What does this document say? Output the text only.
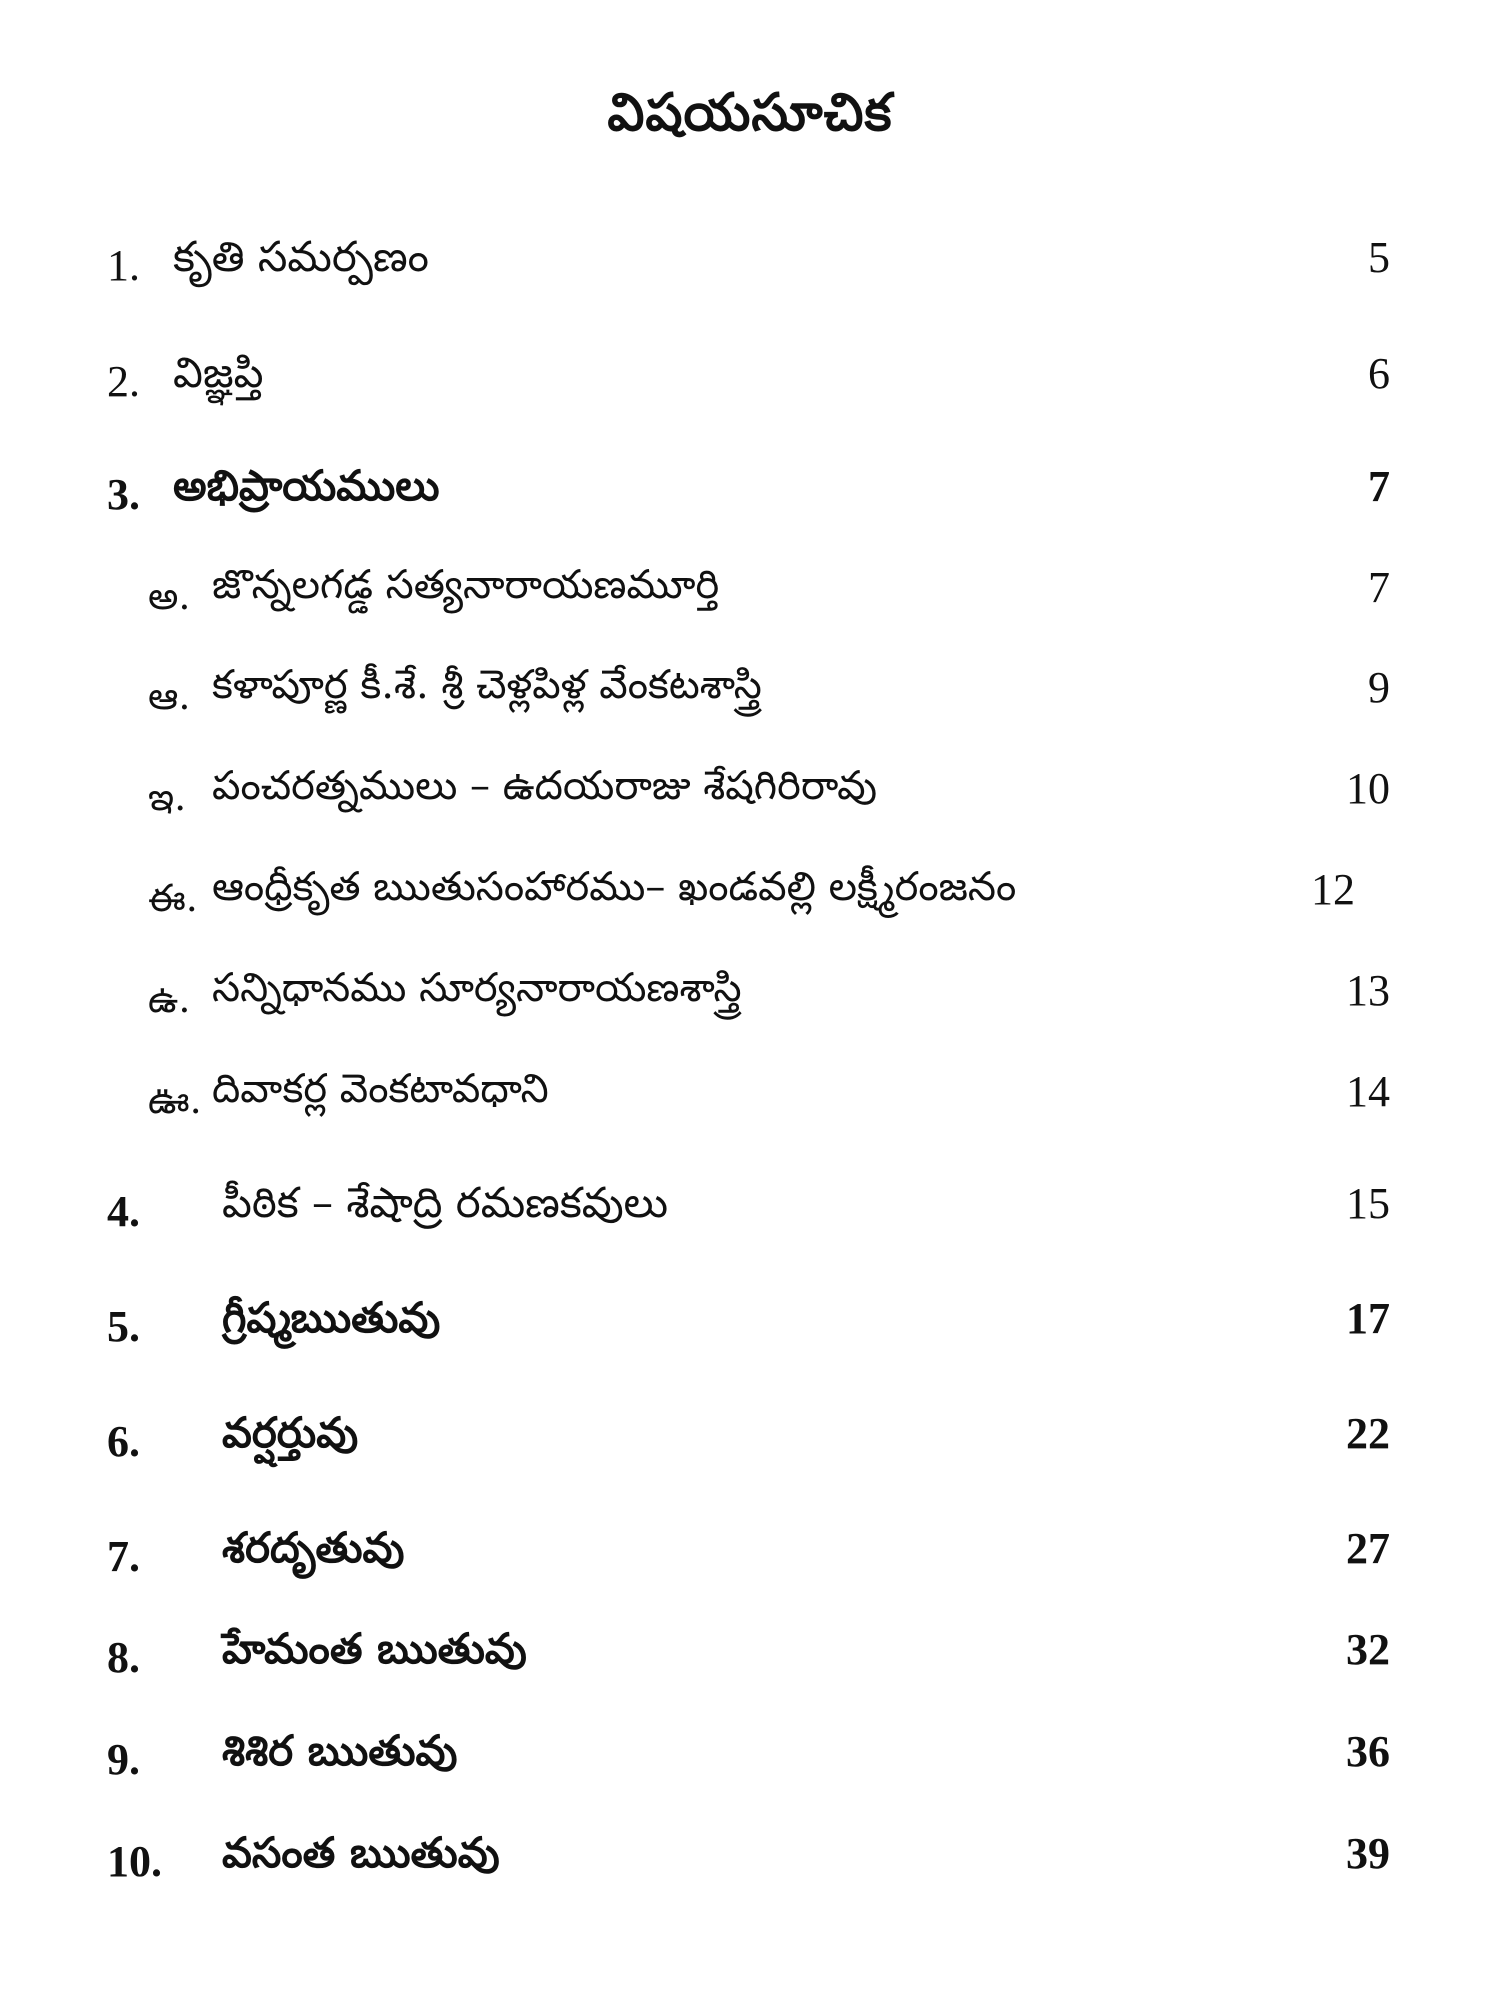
విషయసూచిక
1. కృతి సమర్పణం	5
2. విజ్ఞప్తి	6
3. అభిప్రాయములు	7
అ. జొన్నలగడ్డ సత్యనారాయణమూర్తి	7
ఆ. కళాపూర్ణ కీ.శే. శ్రీ చెళ్లపిళ్ల వేంకటశాస్త్రి	9
ఇ. పంచరత్నములు – ఉదయరాజు శేషగిరిరావు	10
ఈ. ఆంధ్రీకృత ఋతుసంహారము– ఖండవల్లి లక్ష్మీరంజనం	12
ఉ. సన్నిధానము సూర్యనారాయణశాస్త్రి	13
ఊ. దివాకర్ల వెంకటావధాని	14
4. పీఠిక – శేషాద్రి రమణకవులు	15
5. గ్రీష్మఋతువు	17
6. వర్షర్తువు	22
7. శరదృతువు	27
8. హేమంత ఋతువు	32
9. శిశిర ఋతువు	36
10. వసంత ఋతువు	39
